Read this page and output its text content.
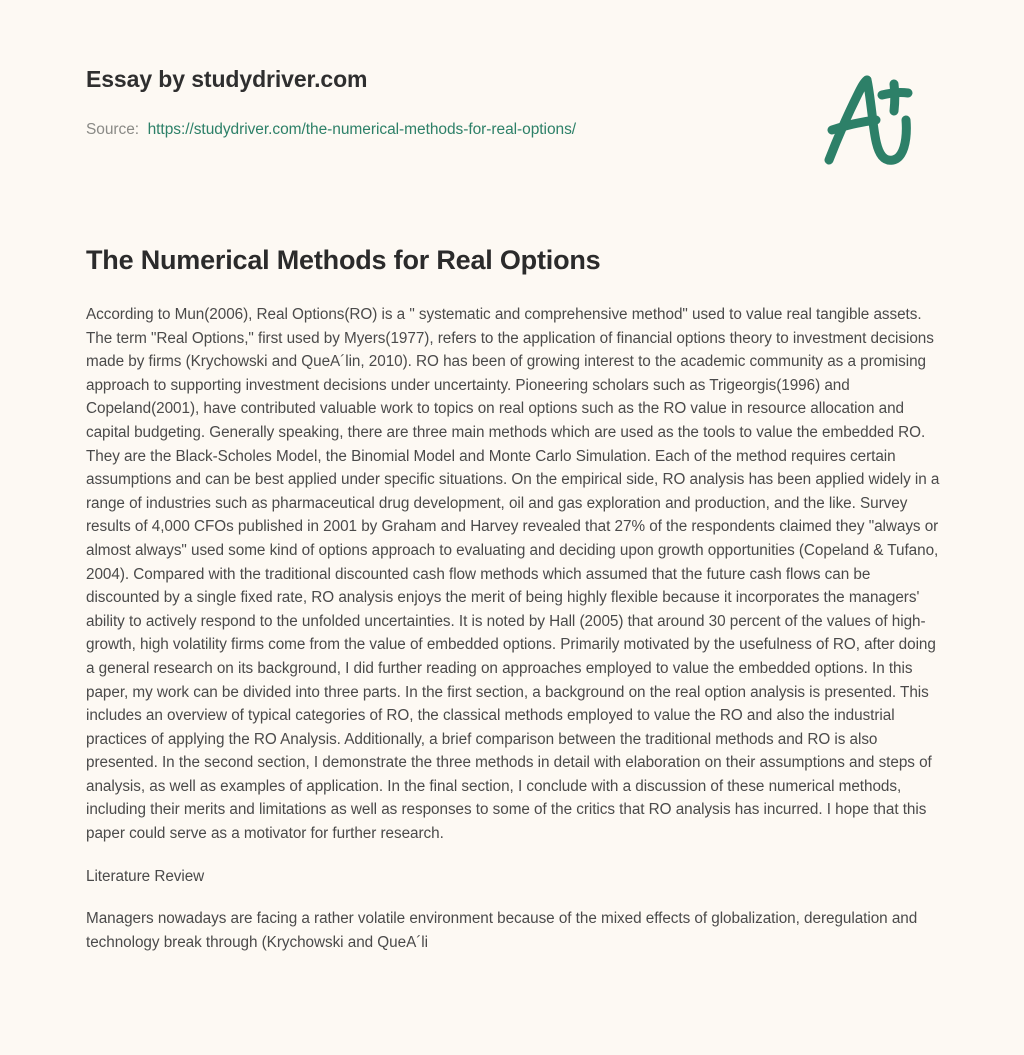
Essay by studydriver.com
Source: https://studydriver.com/the-numerical-methods-for-real-options/
The Numerical Methods for Real Options

According to Mun(2006), Real Options(RO) is a " systematic and comprehensive method" used to value real tangible assets. The term "Real Options," first used by Myers(1977), refers to the application of financial options theory to investment decisions made by firms (Krychowski and QueA´lin, 2010). RO has been of growing interest to the academic community as a promising approach to supporting investment decisions under uncertainty. Pioneering scholars such as Trigeorgis(1996) and Copeland(2001), have contributed valuable work to topics on real options such as the RO value in resource allocation and capital budgeting. Generally speaking, there are three main methods which are used as the tools to value the embedded RO. They are the Black-Scholes Model, the Binomial Model and Monte Carlo Simulation. Each of the method requires certain assumptions and can be best applied under specific situations. On the empirical side, RO analysis has been applied widely in a range of industries such as pharmaceutical drug development, oil and gas exploration and production, and the like. Survey results of 4,000 CFOs published in 2001 by Graham and Harvey revealed that 27% of the respondents claimed they "always or almost always" used some kind of options approach to evaluating and deciding upon growth opportunities (Copeland & Tufano, 2004). Compared with the traditional discounted cash flow methods which assumed that the future cash flows can be discounted by a single fixed rate, RO analysis enjoys the merit of being highly flexible because it incorporates the managers' ability to actively respond to the unfolded uncertainties. It is noted by Hall (2005) that around 30 percent of the values of high-growth, high volatility firms come from the value of embedded options. Primarily motivated by the usefulness of RO, after doing a general research on its background, I did further reading on approaches employed to value the embedded options. In this paper, my work can be divided into three parts. In the first section, a background on the real option analysis is presented. This includes an overview of typical categories of RO, the classical methods employed to value the RO and also the industrial practices of applying the RO Analysis. Additionally, a brief comparison between the traditional methods and RO is also presented. In the second section, I demonstrate the three methods in detail with elaboration on their assumptions and steps of analysis, as well as examples of application. In the final section, I conclude with a discussion of these numerical methods, including their merits and limitations as well as responses to some of the critics that RO analysis has incurred. I hope that this paper could serve as a motivator for further research.

Literature Review

Managers nowadays are facing a rather volatile environment because of the mixed effects of globalization, deregulation and technology break through (Krychowski and QueA´li
